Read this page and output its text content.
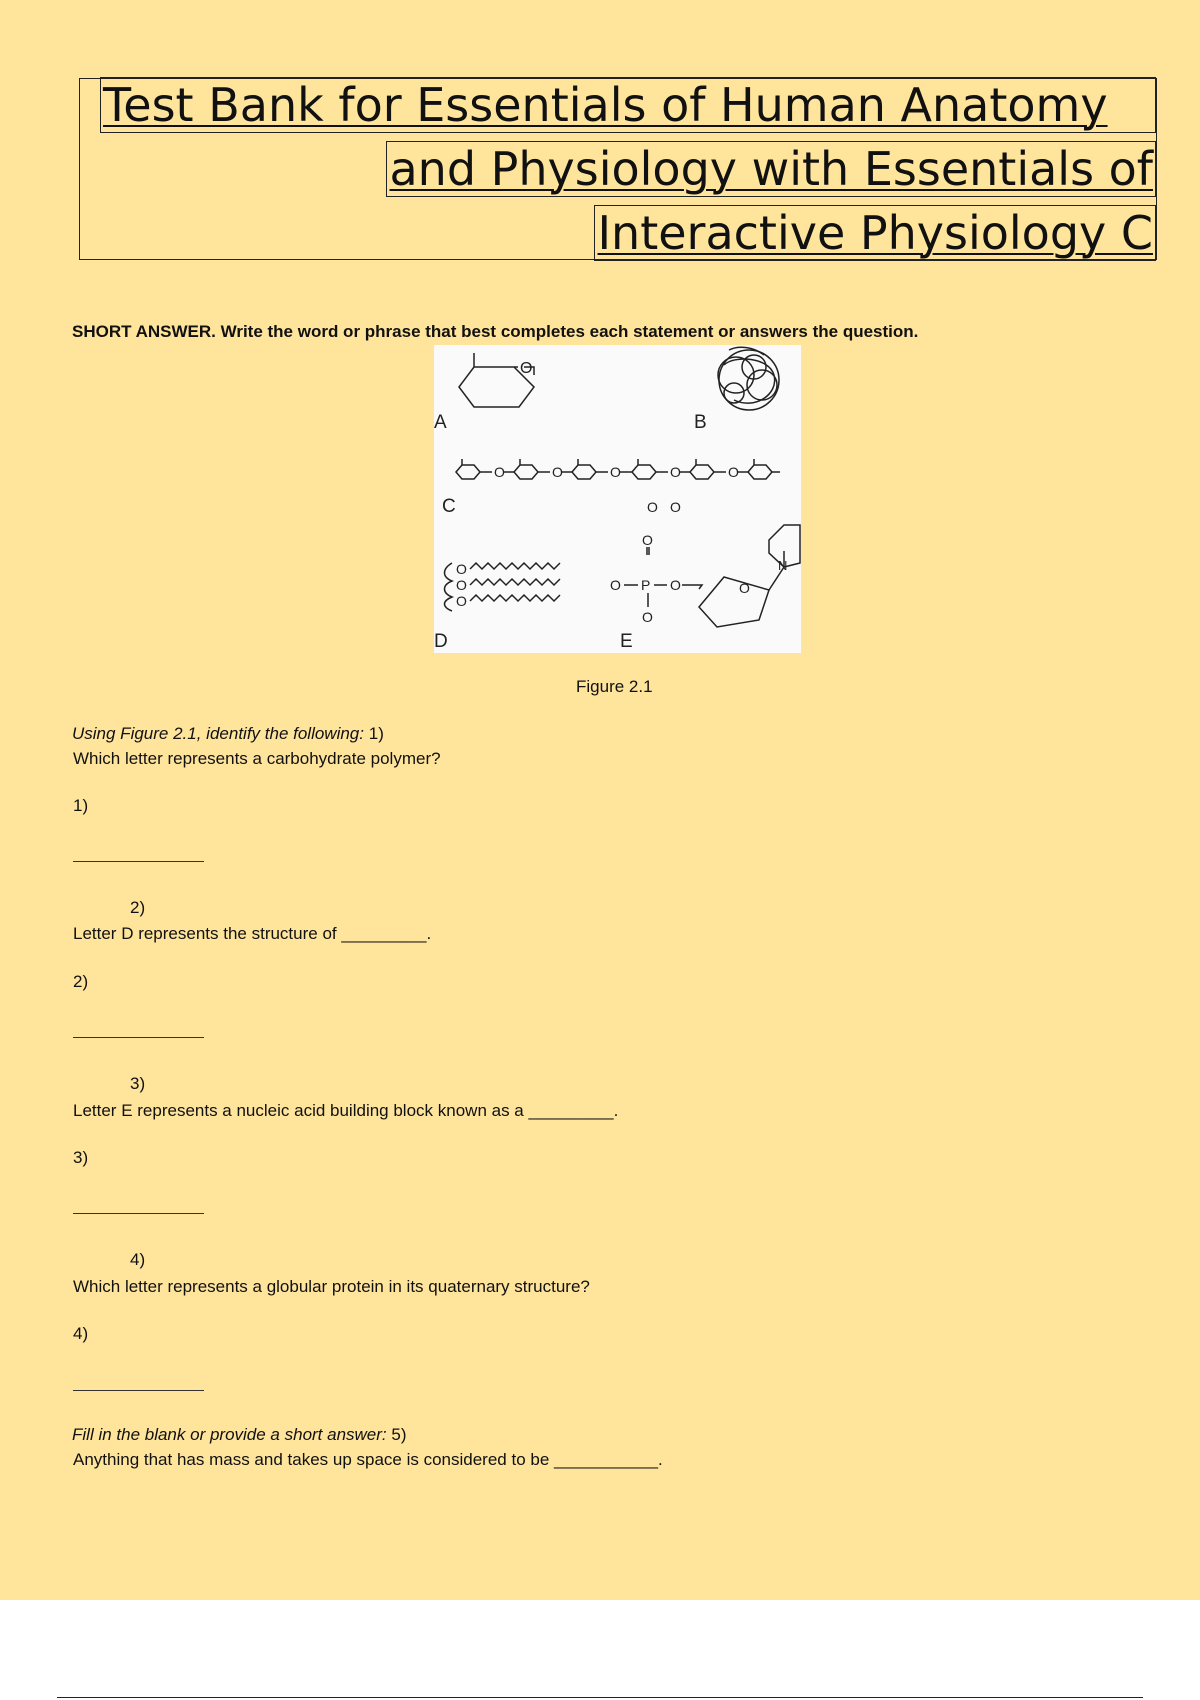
Test Bank for Essentials of Human Anatomy
and Physiology with Essentials of
Interactive Physiology C
SHORT ANSWER. Write the word or phrase that best completes each statement or answers the question.
O
A	B
O	O	O	O	O
C	O O
O
O
O
O
O P O
O
O
N
D	E
Figure 2.1
Using Figure 2.1, identify the following: 1)
Which letter represents a carbohydrate polymer?
1)
2)
Letter D represents the structure of _________.
2)
3)
Letter E represents a nucleic acid building block known as a _________.
3)
4)
Which letter represents a globular protein in its quaternary structure?
4)
Fill in the blank or provide a short answer: 5)
Anything that has mass and takes up space is considered to be ___________.
